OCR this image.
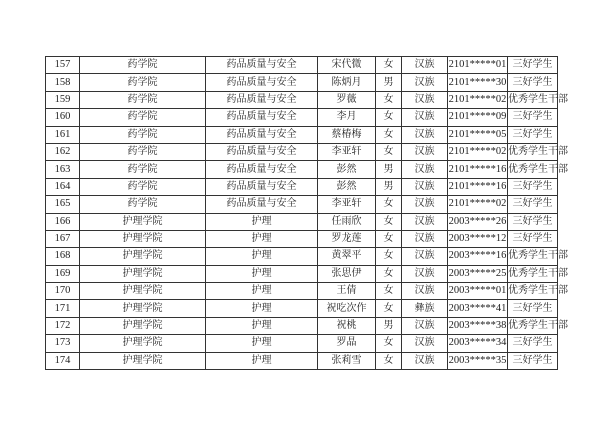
157	药学院	药品质量与安全	宋代微	女	汉族	2101*****01	三好学生
158	药学院	药品质量与安全	陈炳月	男	汉族	2101*****30	三好学生
159	药学院	药品质量与安全	罗薇	女	汉族	2101*****02	优秀学生干部
160	药学院	药品质量与安全	李月	女	汉族	2101*****09	三好学生
161	药学院	药品质量与安全	蔡椿梅	女	汉族	2101*****05	三好学生
162	药学院	药品质量与安全	李亚轩	女	汉族	2101*****02	优秀学生干部
163	药学院	药品质量与安全	彭然	男	汉族	2101*****16	优秀学生干部
164	药学院	药品质量与安全	彭然	男	汉族	2101*****16	三好学生
165	药学院	药品质量与安全	李亚轩	女	汉族	2101*****02	三好学生
166	护理学院	护理	任雨欣	女	汉族	2003*****26	三好学生
167	护理学院	护理	罗龙莲	女	汉族	2003*****12	三好学生
168	护理学院	护理	黄翠平	女	汉族	2003*****16	优秀学生干部
169	护理学院	护理	张思伊	女	汉族	2003*****25	优秀学生干部
170	护理学院	护理	王倩	女	汉族	2003*****01	优秀学生干部
171	护理学院	护理	祝吃次作	女	彝族	2003*****41	三好学生
172	护理学院	护理	祝桃	男	汉族	2003*****38	优秀学生干部
173	护理学院	护理	罗晶	女	汉族	2003*****34	三好学生
174	护理学院	护理	张莉雪	女	汉族	2003*****35	三好学生
